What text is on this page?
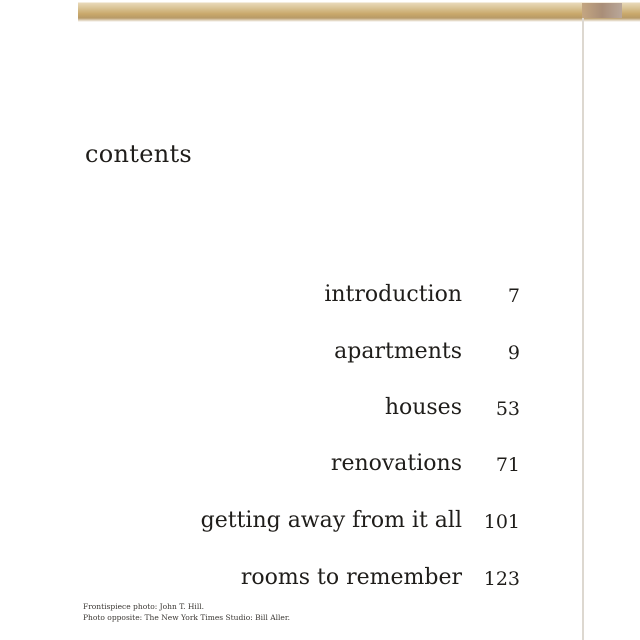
contents
introduction 7
apartments 9
houses 53
renovations 71
getting away from it all 101
rooms to remember 123
Frontispiece photo: John T. Hill.
Photo opposite: The New York Times Studio: Bill Aller.
